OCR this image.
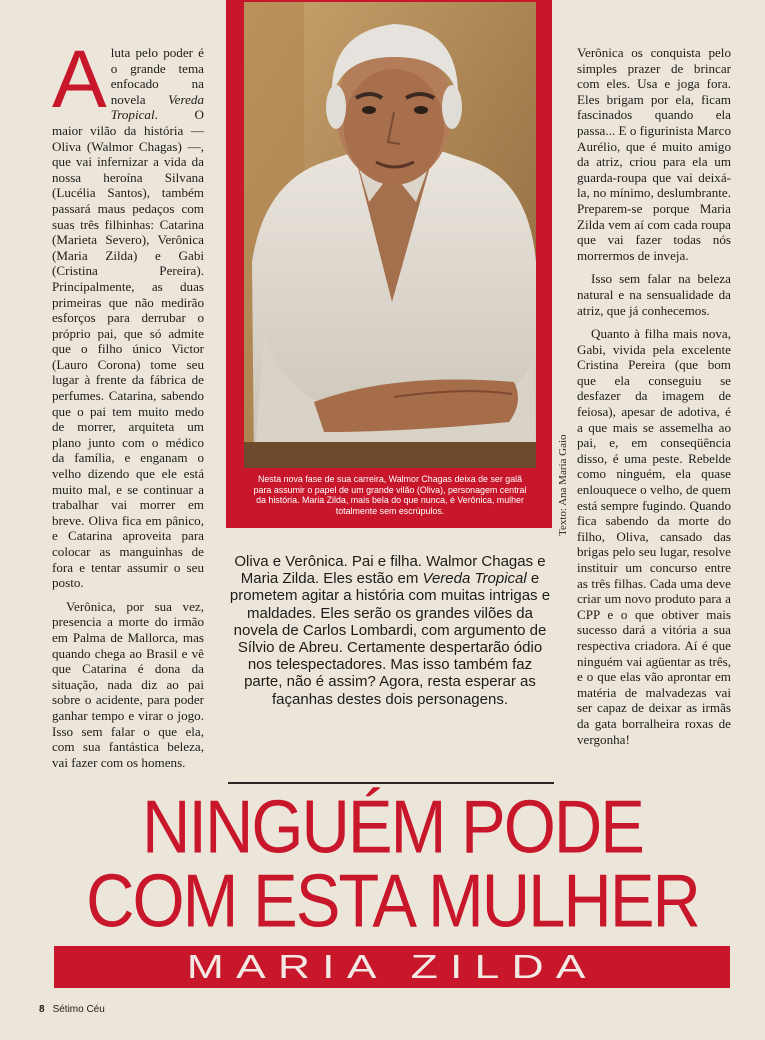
Aluta pelo poder é o grande tema enfocado na novela Vereda Tropical. O maior vilão da história — Oliva (Walmor Chagas) —, que vai infernizar a vida da nossa heroína Silvana (Lucélia Santos), também passará maus pedaços com suas três filhinhas: Catarina (Marieta Severo), Verônica (Maria Zilda) e Gabi (Cristina Pereira). Principalmente, as duas primeiras que não medirão esforços para derrubar o próprio pai, que só admite que o filho único Victor (Lauro Corona) tome seu lugar à frente da fábrica de perfumes. Catarina, sabendo que o pai tem muito medo de morrer, arquiteta um plano junto com o médico da família, e enganam o velho dizendo que ele está muito mal, e se continuar a trabalhar vai morrer em breve. Oliva fica em pânico, e Catarina aproveita para colocar as manguinhas de fora e tentar assumir o seu posto.

Verônica, por sua vez, presencia a morte do irmão em Palma de Mallorca, mas quando chega ao Brasil e vê que Catarina é dona da situação, nada diz ao pai sobre o acidente, para poder ganhar tempo e virar o jogo. Isso sem falar o que ela, com sua fantástica beleza, vai fazer com os homens.

Nesta nova fase de sua carreira, Walmor Chagas deixa de ser galã para assumir o papel de um grande vilão (Oliva), personagem central da história. Maria Zilda, mais bela do que nunca, é Verônica, mulher totalmente sem escrúpulos.	Texto: Ana Maria Gaio

Verônica os conquista pelo simples prazer de brincar com eles. Usa e joga fora. Eles brigam por ela, ficam fascinados quando ela passa... E o figurinista Marco Aurélio, que é muito amigo da atriz, criou para ela um guarda-roupa que vai deixá-la, no mínimo, deslumbrante. Preparem-se porque Maria Zilda vem aí com cada roupa que vai fazer todas nós morrermos de inveja.

Isso sem falar na beleza natural e na sensualidade da atriz, que já conhecemos.

Quanto à filha mais nova, Gabi, vivida pela excelente Cristina Pereira (que bom que ela conseguiu se desfazer da imagem de feiosa), apesar de adotiva, é a que mais se assemelha ao pai, e, em conseqüência disso, é uma peste. Rebelde como ninguém, ela quase enlouquece o velho, de quem está sempre fugindo. Quando fica sabendo da morte do filho, Oliva, cansado das brigas pelo seu lugar, resolve instituir um concurso entre as três filhas. Cada uma deve criar um novo produto para a CPP e o que obtiver mais sucesso dará a vitória a sua respectiva criadora. Aí é que ninguém vai agüentar as três, e o que elas vão aprontar em matéria de malvadezas vai ser capaz de deixar as irmãs da gata borralheira roxas de vergonha!

Oliva e Verônica. Pai e filha. Walmor Chagas e Maria Zilda. Eles estão em Vereda Tropical e prometem agitar a história com muitas intrigas e maldades. Eles serão os grandes vilões da novela de Carlos Lombardi, com argumento de Sílvio de Abreu. Certamente despertarão ódio nos telespectadores. Mas isso também faz parte, não é assim? Agora, resta esperar as façanhas destes dois personagens.
NINGUÉM PODE
COM ESTA MULHER
MARIA ZILDA
8 Sétimo Céu
